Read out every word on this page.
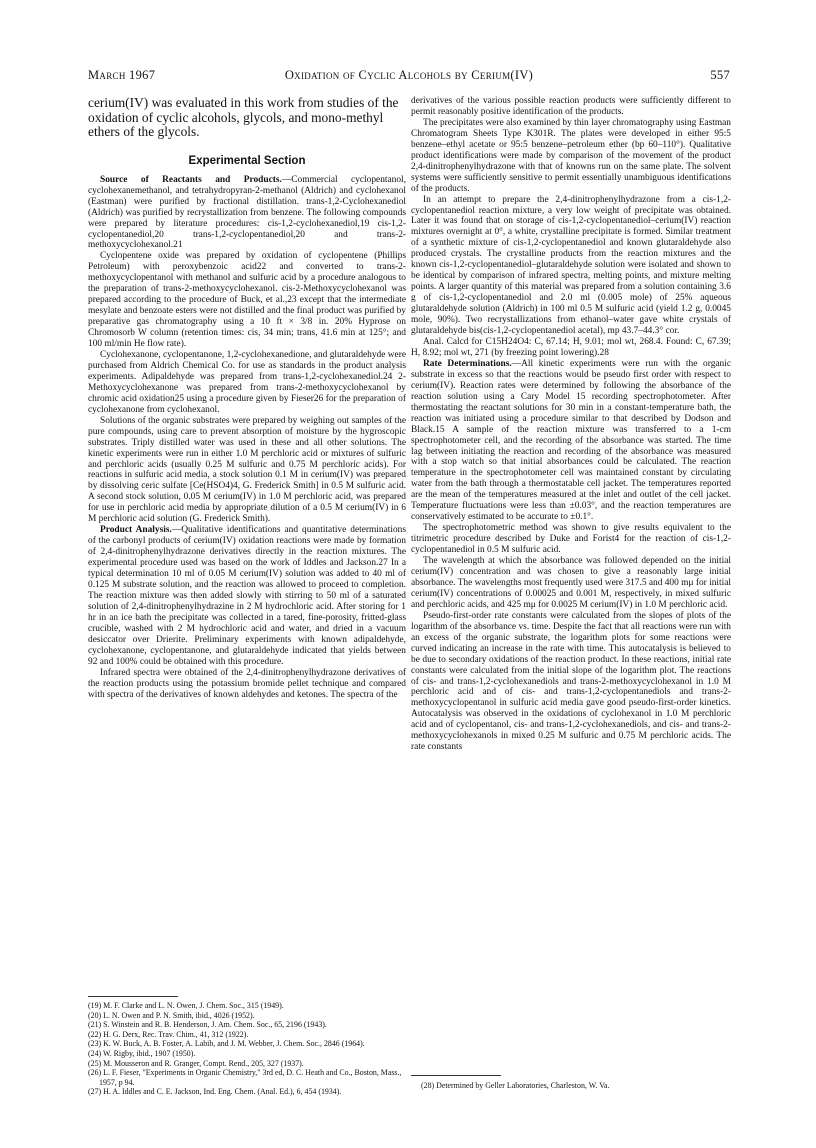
March 1967	Oxidation of Cyclic Alcohols by Cerium(IV)	557

cerium(IV) was evaluated in this work from studies of the oxidation of cyclic alcohols, glycols, and mono-methyl ethers of the glycols.

Experimental Section

Source of Reactants and Products.—Commercial cyclopentanol, cyclohexanemethanol, and tetrahydropyran-2-methanol (Aldrich) and cyclohexanol (Eastman) were purified by fractional distillation. trans-1,2-Cyclohexanediol (Aldrich) was purified by recrystallization from benzene. The following compounds were prepared by literature procedures: cis-1,2-cyclohexanediol,19 cis-1,2-cyclopentanediol,20 trans-1,2-cyclopentanediol,20 and trans-2-methoxycyclohexanol.21

Cyclopentene oxide was prepared by oxidation of cyclopentene (Phillips Petroleum) with peroxybenzoic acid22 and converted to trans-2-methoxycyclopentanol with methanol and sulfuric acid by a procedure analogous to the preparation of trans-2-methoxycyclohexanol. cis-2-Methoxycyclohexanol was prepared according to the procedure of Buck, et al.,23 except that the intermediate mesylate and benzoate esters were not distilled and the final product was purified by preparative gas chromatography using a 10 ft × 3/8 in. 20% Hyprose on Chromosorb W column (retention times: cis, 34 min; trans, 41.6 min at 125°; and 100 ml/min He flow rate).

Cyclohexanone, cyclopentanone, 1,2-cyclohexanedione, and glutaraldehyde were purchased from Aldrich Chemical Co. for use as standards in the product analysis experiments. Adipaldehyde was prepared from trans-1,2-cyclohexanediol.24 2-Methoxycyclohexanone was prepared from trans-2-methoxycyclohexanol by chromic acid oxidation25 using a procedure given by Fieser26 for the preparation of cyclohexanone from cyclohexanol.

Solutions of the organic substrates were prepared by weighing out samples of the pure compounds, using care to prevent absorption of moisture by the hygroscopic substrates. Triply distilled water was used in these and all other solutions. The kinetic experiments were run in either 1.0 M perchloric acid or mixtures of sulfuric and perchloric acids (usually 0.25 M sulfuric and 0.75 M perchloric acids). For reactions in sulfuric acid media, a stock solution 0.1 M in cerium(IV) was prepared by dissolving ceric sulfate [Ce(HSO4)4, G. Frederick Smith] in 0.5 M sulfuric acid. A second stock solution, 0.05 M cerium(IV) in 1.0 M perchloric acid, was prepared for use in perchloric acid media by appropriate dilution of a 0.5 M cerium(IV) in 6 M perchloric acid solution (G. Frederick Smith).

Product Analysis.—Qualitative identifications and quantitative determinations of the carbonyl products of cerium(IV) oxidation reactions were made by formation of 2,4-dinitrophenylhydrazone derivatives directly in the reaction mixtures. The experimental procedure used was based on the work of Iddles and Jackson.27 In a typical determination 10 ml of 0.05 M cerium(IV) solution was added to 40 ml of 0.125 M substrate solution, and the reaction was allowed to proceed to completion. The reaction mixture was then added slowly with stirring to 50 ml of a saturated solution of 2,4-dinitrophenylhydrazine in 2 M hydrochloric acid. After storing for 1 hr in an ice bath the precipitate was collected in a tared, fine-porosity, fritted-glass crucible, washed with 2 M hydrochloric acid and water, and dried in a vacuum desiccator over Drierite. Preliminary experiments with known adipaldehyde, cyclohexanone, cyclopentanone, and glutaraldehyde indicated that yields between 92 and 100% could be obtained with this procedure.

Infrared spectra were obtained of the 2,4-dinitrophenylhydrazone derivatives of the reaction products using the potassium bromide pellet technique and compared with spectra of the derivatives of known aldehydes and ketones. The spectra of the

(19) M. F. Clarke and L. N. Owen, J. Chem. Soc., 315 (1949).

(20) L. N. Owen and P. N. Smith, ibid., 4026 (1952).

(21) S. Winstein and R. B. Henderson, J. Am. Chem. Soc., 65, 2196 (1943).

(22) H. G. Derx, Rec. Trav. Chim., 41, 312 (1922).

(23) K. W. Buck, A. B. Foster, A. Labib, and J. M. Webber, J. Chem. Soc., 2846 (1964).

(24) W. Rigby, ibid., 1907 (1950).

(25) M. Mousseron and R. Granger, Compt. Rend., 205, 327 (1937).

(26) L. F. Fieser, "Experiments in Organic Chemistry," 3rd ed, D. C. Heath and Co., Boston, Mass., 1957, p 94.

(27) H. A. Iddles and C. E. Jackson, Ind. Eng. Chem. (Anal. Ed.), 6, 454 (1934).

derivatives of the various possible reaction products were sufficiently different to permit reasonably positive identification of the products.

The precipitates were also examined by thin layer chromatography using Eastman Chromatogram Sheets Type K301R. The plates were developed in either 95:5 benzene–ethyl acetate or 95:5 benzene–petroleum ether (bp 60–110°). Qualitative product identifications were made by comparison of the movement of the product 2,4-dinitrophenylhydrazone with that of knowns run on the same plate. The solvent systems were sufficiently sensitive to permit essentially unambiguous identifications of the products.

In an attempt to prepare the 2,4-dinitrophenylhydrazone from a cis-1,2-cyclopentanediol reaction mixture, a very low weight of precipitate was obtained. Later it was found that on storage of cis-1,2-cyclopentanediol–cerium(IV) reaction mixtures overnight at 0°, a white, crystalline precipitate is formed. Similar treatment of a synthetic mixture of cis-1,2-cyclopentanediol and known glutaraldehyde also produced crystals. The crystalline products from the reaction mixtures and the known cis-1,2-cyclopentanediol–glutaraldehyde solution were isolated and shown to be identical by comparison of infrared spectra, melting points, and mixture melting points. A larger quantity of this material was prepared from a solution containing 3.6 g of cis-1,2-cyclopentanediol and 2.0 ml (0.005 mole) of 25% aqueous glutaraldehyde solution (Aldrich) in 100 ml 0.5 M sulfuric acid (yield 1.2 g, 0.0045 mole, 90%). Two recrystallizations from ethanol–water gave white crystals of glutaraldehyde bis(cis-1,2-cyclopentanediol acetal), mp 43.7–44.3° cor.

Anal. Calcd for C15H24O4: C, 67.14; H, 9.01; mol wt, 268.4. Found: C, 67.39; H, 8.92; mol wt, 271 (by freezing point lowering).28

Rate Determinations.—All kinetic experiments were run with the organic substrate in excess so that the reactions would be pseudo first order with respect to cerium(IV). Reaction rates were determined by following the absorbance of the reaction solution using a Cary Model 15 recording spectrophotometer. After thermostating the reactant solutions for 30 min in a constant-temperature bath, the reaction was initiated using a procedure similar to that described by Dodson and Black.15 A sample of the reaction mixture was transferred to a 1-cm spectrophotometer cell, and the recording of the absorbance was started. The time lag between initiating the reaction and recording of the absorbance was measured with a stop watch so that initial absorbances could be calculated. The reaction temperature in the spectrophotometer cell was maintained constant by circulating water from the bath through a thermostatable cell jacket. The temperatures reported are the mean of the temperatures measured at the inlet and outlet of the cell jacket. Temperature fluctuations were less than ±0.03°, and the reaction temperatures are conservatively estimated to be accurate to ±0.1°.

The spectrophotometric method was shown to give results equivalent to the titrimetric procedure described by Duke and Forist4 for the reaction of cis-1,2-cyclopentanediol in 0.5 M sulfuric acid.

The wavelength at which the absorbance was followed depended on the initial cerium(IV) concentration and was chosen to give a reasonably large initial absorbance. The wavelengths most frequently used were 317.5 and 400 mμ for initial cerium(IV) concentrations of 0.00025 and 0.001 M, respectively, in mixed sulfuric and perchloric acids, and 425 mμ for 0.0025 M cerium(IV) in 1.0 M perchloric acid.

Pseudo-first-order rate constants were calculated from the slopes of plots of the logarithm of the absorbance vs. time. Despite the fact that all reactions were run with an excess of the organic substrate, the logarithm plots for some reactions were curved indicating an increase in the rate with time. This autocatalysis is believed to be due to secondary oxidations of the reaction product. In these reactions, initial rate constants were calculated from the initial slope of the logarithm plot. The reactions of cis- and trans-1,2-cyclohexanediols and trans-2-methoxycyclohexanol in 1.0 M perchloric acid and of cis- and trans-1,2-cyclopentanediols and trans-2-methoxycyclopentanol in sulfuric acid media gave good pseudo-first-order kinetics. Autocatalysis was observed in the oxidations of cyclohexanol in 1.0 M perchloric acid and of cyclopentanol, cis- and trans-1,2-cyclohexanediols, and cis- and trans-2-methoxycyclohexanols in mixed 0.25 M sulfuric and 0.75 M perchloric acids. The rate constants

(28) Determined by Geller Laboratories, Charleston, W. Va.
